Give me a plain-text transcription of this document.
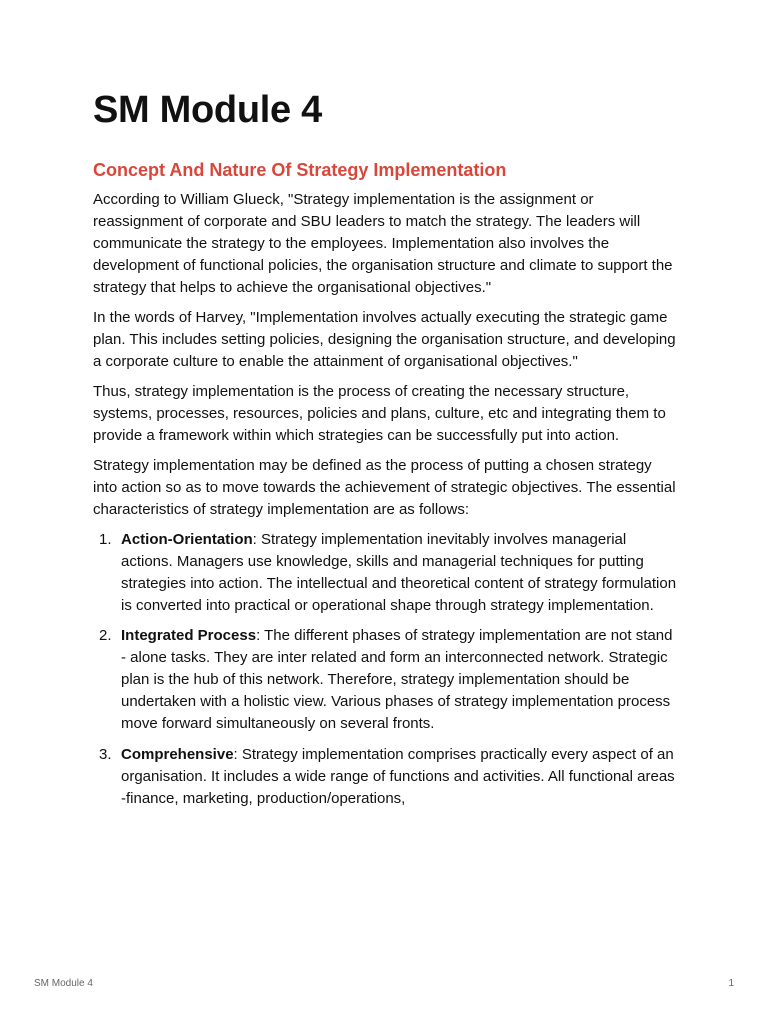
SM Module 4
Concept And Nature Of Strategy Implementation

According to William Glueck, "Strategy implementation is the assignment or reassignment of corporate and SBU leaders to match the strategy. The leaders will communicate the strategy to the employees. Implementation also involves the development of functional policies, the organisation structure and climate to support the strategy that helps to achieve the organisational objectives."

In the words of Harvey, "Implementation involves actually executing the strategic game plan. This includes setting policies, designing the organisation structure, and developing a corporate culture to enable the attainment of organisational objectives."

Thus, strategy implementation is the process of creating the necessary structure, systems, processes, resources, policies and plans, culture, etc and integrating them to provide a framework within which strategies can be successfully put into action.

Strategy implementation may be defined as the process of putting a chosen strategy into action so as to move towards the achievement of strategic objectives. The essential characteristics of strategy implementation are as follows:

1. Action-Orientation: Strategy implementation inevitably involves managerial actions. Managers use knowledge, skills and managerial techniques for putting strategies into action. The intellectual and theoretical content of strategy formulation is converted into practical or operational shape through strategy implementation.
2. Integrated Process: The different phases of strategy implementation are not stand - alone tasks. They are inter related and form an interconnected network. Strategic plan is the hub of this network. Therefore, strategy implementation should be undertaken with a holistic view. Various phases of strategy implementation process move forward simultaneously on several fronts.
3. Comprehensive: Strategy implementation comprises practically every aspect of an organisation. It includes a wide range of functions and activities. All functional areas -finance, marketing, production/operations,
SM Module 4	1
